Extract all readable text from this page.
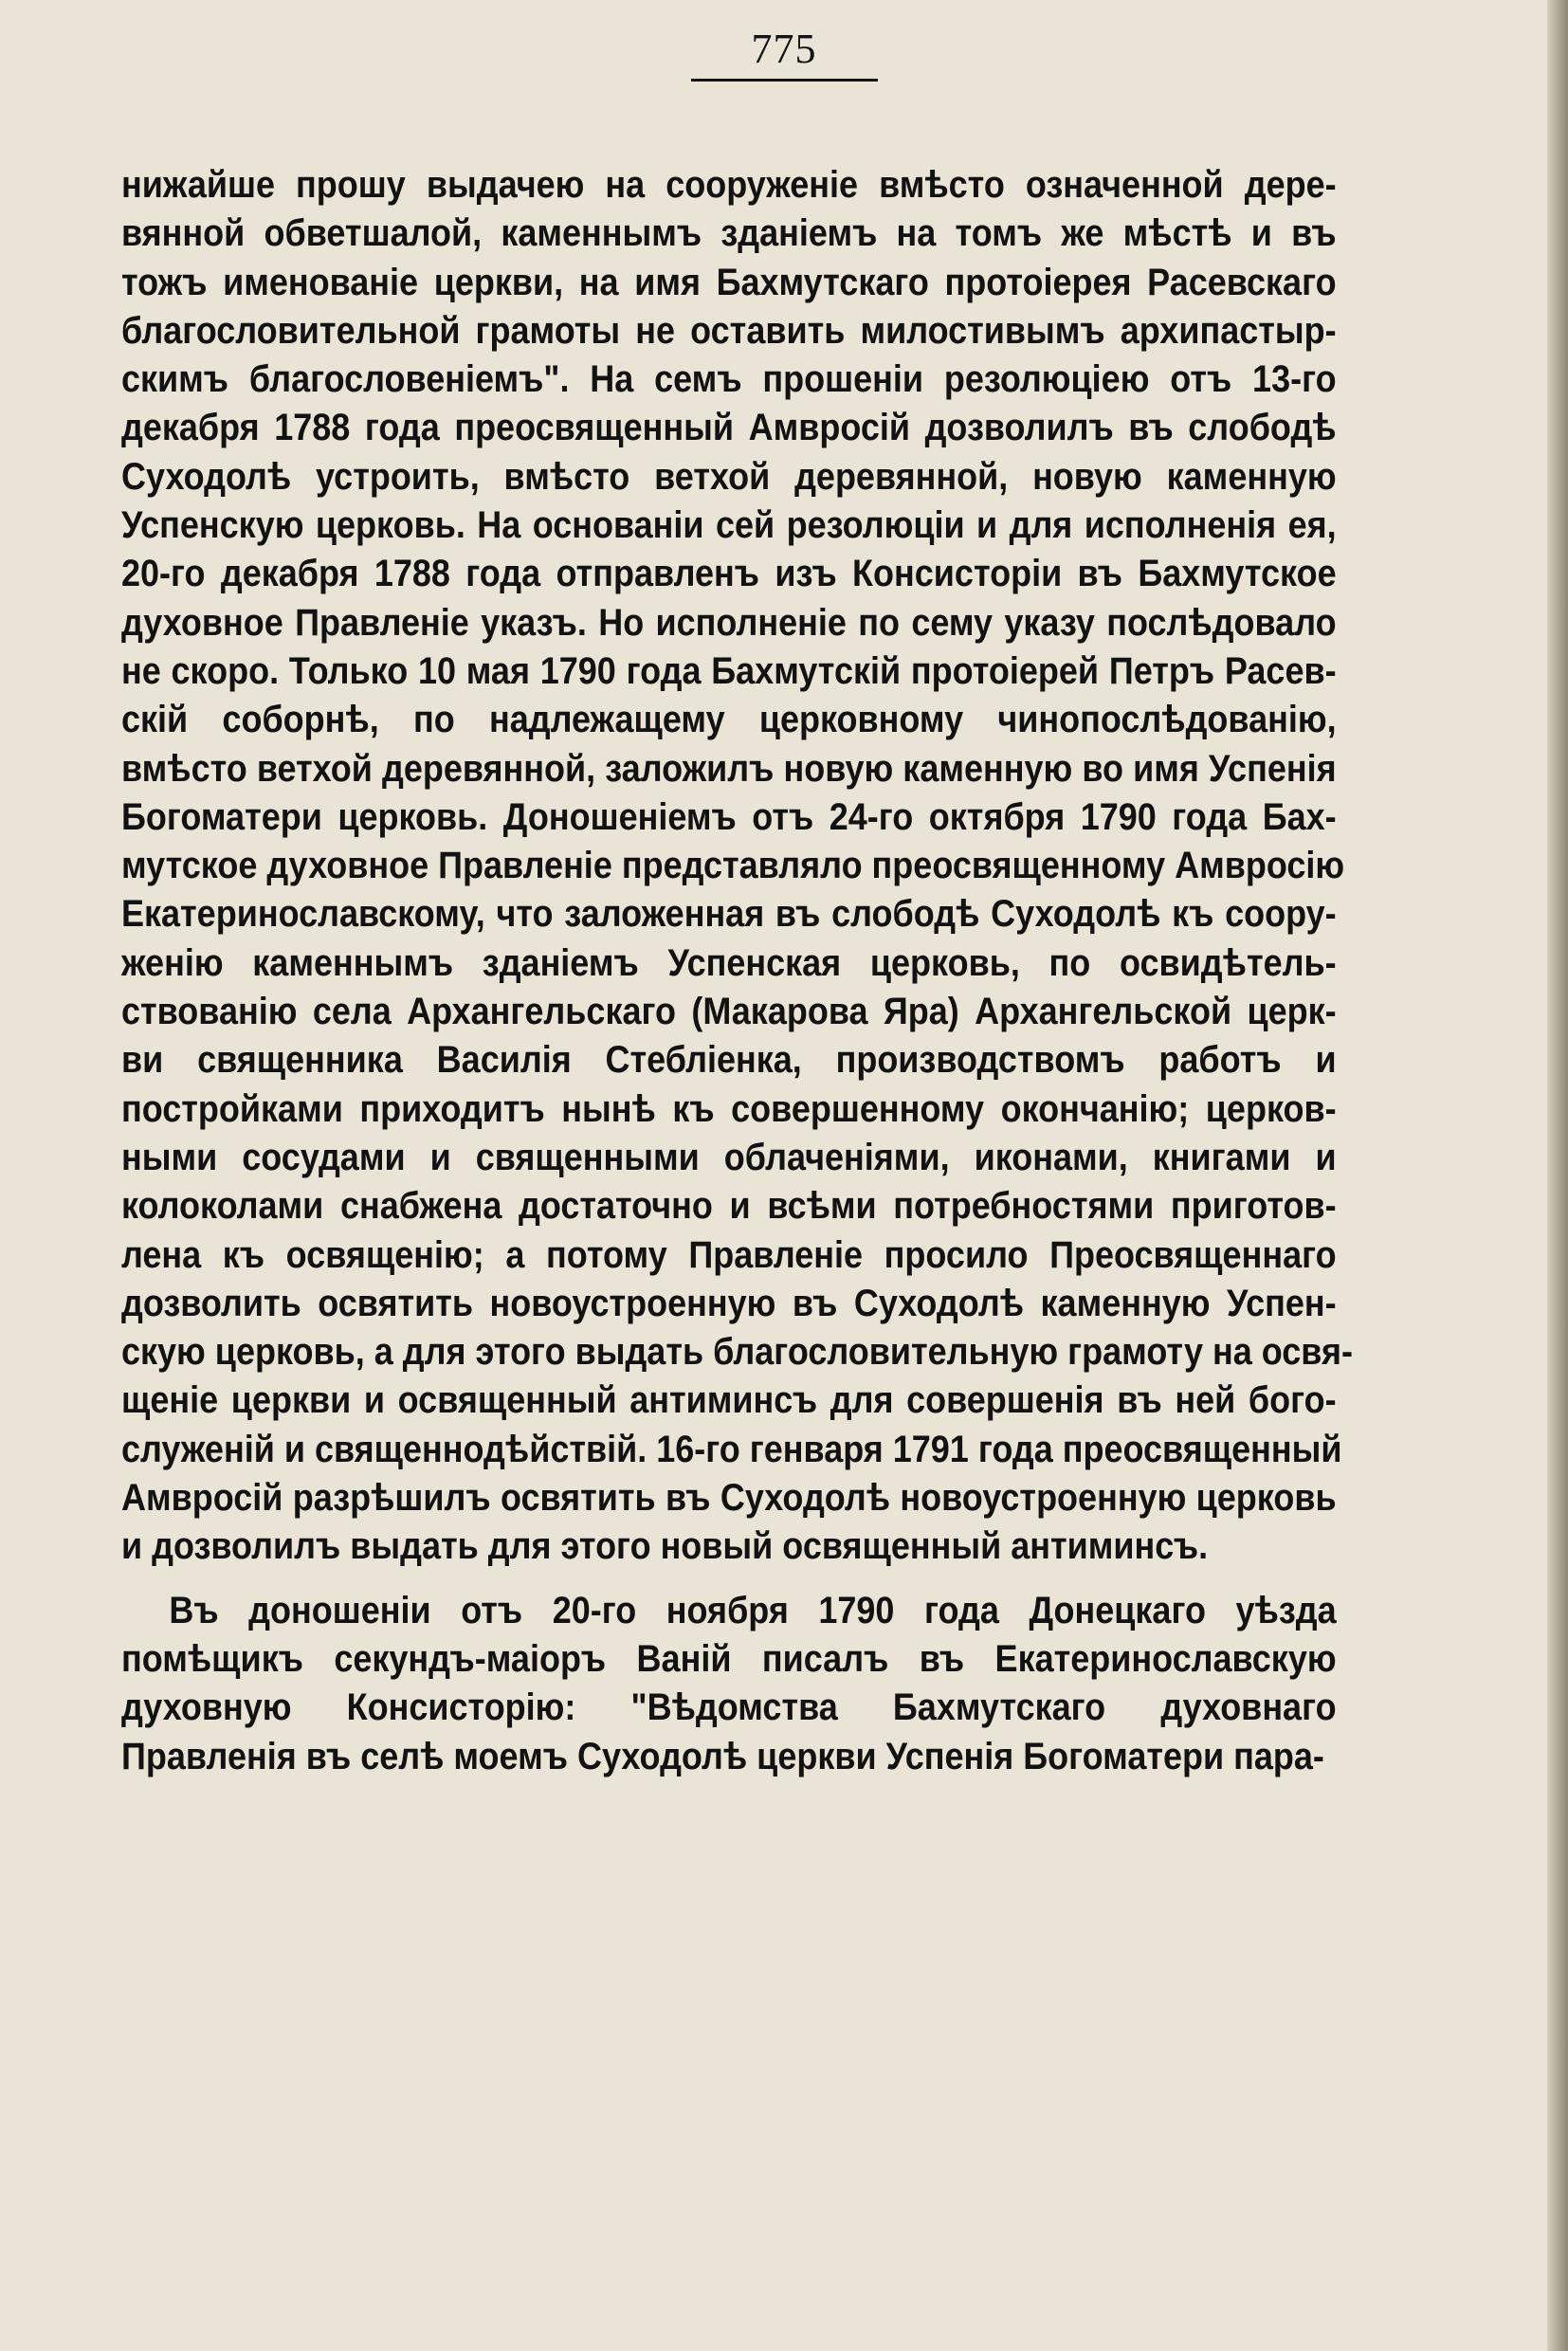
775
нижайше прошу выдачею на сооруженіе вмѣсто означенной дере-
вянной обветшалой, каменнымъ зданіемъ на томъ же мѣстѣ и въ
тожъ именованіе церкви, на имя Бахмутскаго протоіерея Расевскаго
благословительной грамоты не оставить милостивымъ архипастыр-
скимъ благословеніемъ". На семъ прошеніи резолюціею отъ 13-го
декабря 1788 года преосвященный Амвросій дозволилъ въ слободѣ
Суходолѣ устроить, вмѣсто ветхой деревянной, новую каменную
Успенскую церковь. На основаніи сей резолюціи и для исполненія ея,
20-го декабря 1788 года отправленъ изъ Консисторіи въ Бахмутское
духовное Правленіе указъ. Но исполненіе по сему указу послѣдовало
не скоро. Только 10 мая 1790 года Бахмутскій протоіерей Петръ Расев-
скій соборнѣ, по надлежащему церковному чинопослѣдованію,
вмѣсто ветхой деревянной, заложилъ новую каменную во имя Успенія
Богоматери церковь. Доношеніемъ отъ 24-го октября 1790 года Бах-
мутское духовное Правленіе представляло преосвященному Амвросію
Екатеринославскому, что заложенная въ слободѣ Суходолѣ къ соору-
женію каменнымъ зданіемъ Успенская церковь, по освидѣтель-
ствованію села Архангельскаго (Макарова Яра) Архангельской церк-
ви священника Василія Стебліенка, производствомъ работъ и
постройками приходитъ нынѣ къ совершенному окончанію; церков-
ными сосудами и священными облаченіями, иконами, книгами и
колоколами снабжена достаточно и всѣми потребностями приготов-
лена къ освященію; а потому Правленіе просило Преосвященнаго
дозволить освятить новоустроенную въ Суходолѣ каменную Успен-
скую церковь, а для этого выдать благословительную грамоту на освя-
щеніе церкви и освященный антиминсъ для совершенія въ ней бого-
служеній и священнодѣйствій. 16-го генваря 1791 года преосвященный
Амвросій разрѣшилъ освятить въ Суходолѣ новоустроенную церковь
и дозволилъ выдать для этого новый освященный антиминсъ.
Въ доношеніи отъ 20-го ноября 1790 года Донецкаго уѣзда
помѣщикъ секундъ-маіоръ Ваній писалъ въ Екатеринославскую
духовную Консисторію: "Вѣдомства Бахмутскаго духовнаго
Правленія въ селѣ моемъ Суходолѣ церкви Успенія Богоматери пара-
